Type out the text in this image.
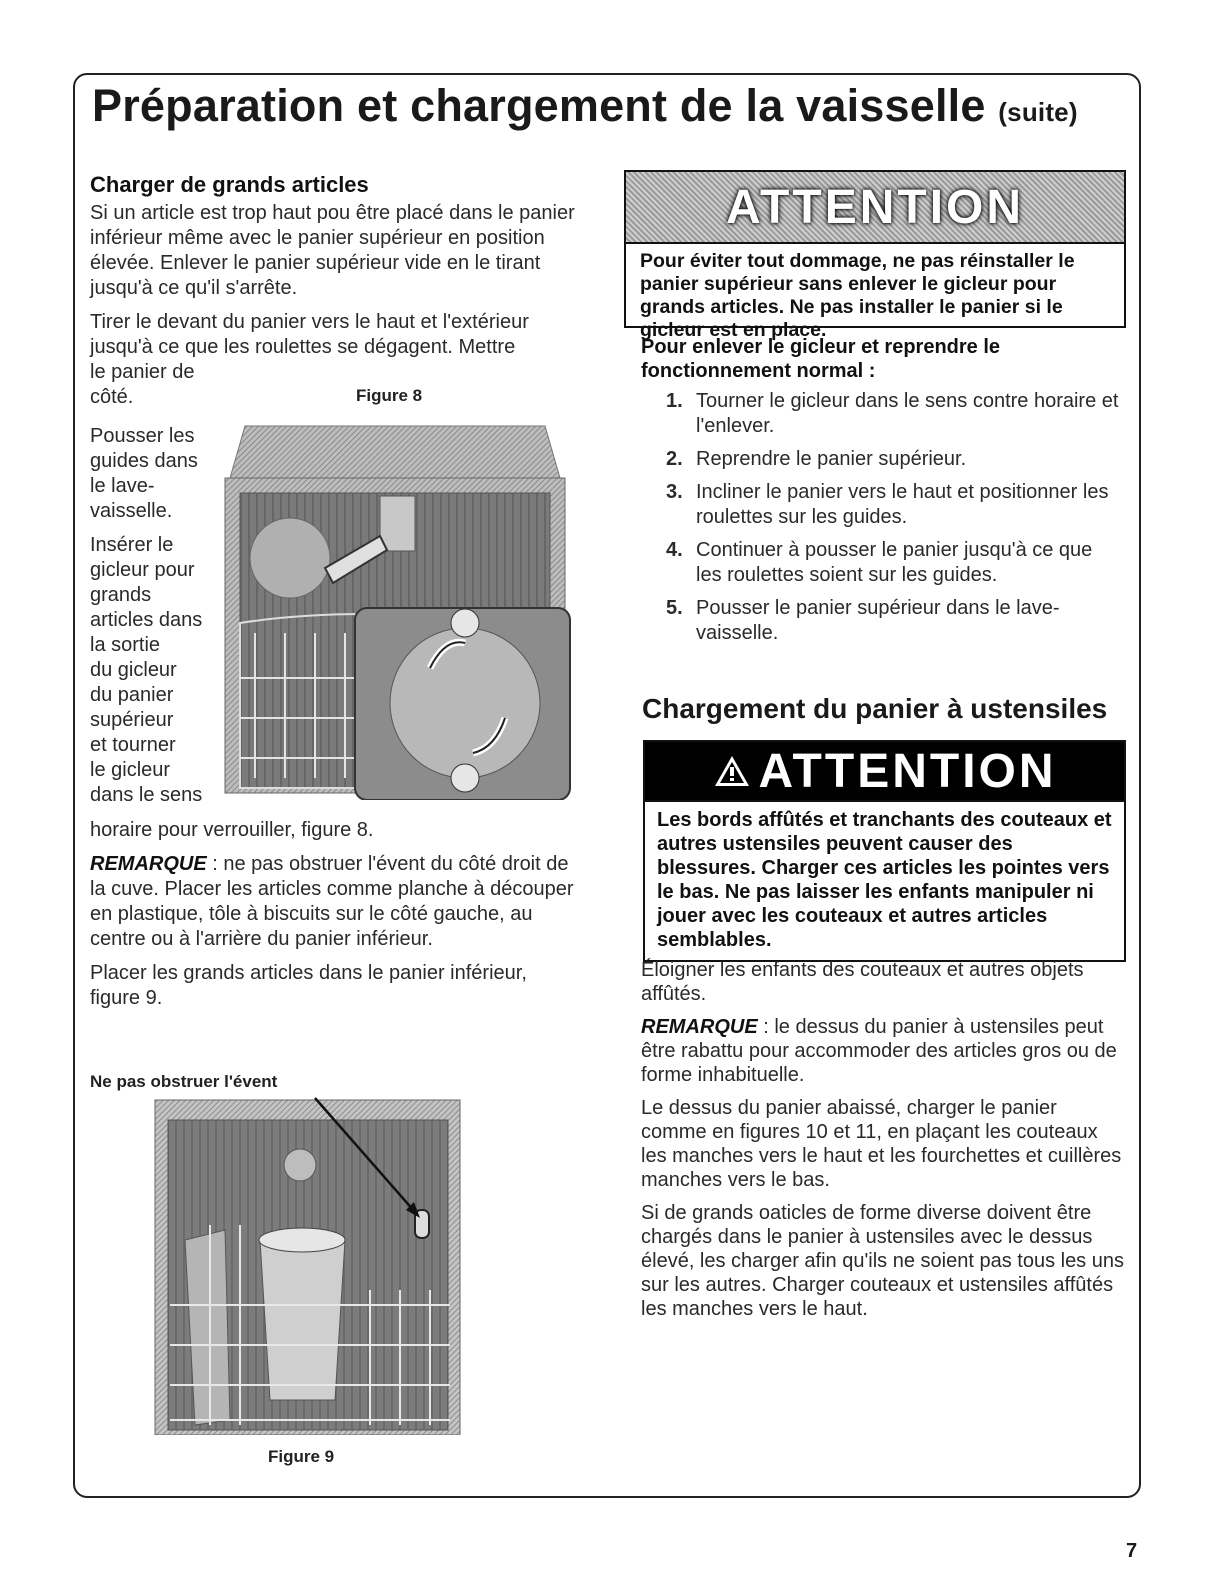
Préparation et chargement de la vaisselle (suite)
Charger de grands articles

Si un article est trop haut pou être placé dans le panier inférieur même avec le panier supérieur en position élevée. Enlever le panier supérieur vide en le tirant jusqu'à ce qu'il s'arrête.

Tirer le devant du panier vers le haut et l'extérieur jusqu'à ce que les roulettes se dégagent. Mettre

le panier de
côté.	Figure 8
Pousser les
guides dans
le lave-
vaisselle.
Insérer le
gicleur pour
grands
articles dans
la sortie
du gicleur
du panier
supérieur
et tourner
le gicleur
dans le sens

horaire pour verrouiller, figure 8.

REMARQUE : ne pas obstruer l'évent du côté droit de la cuve. Placer les articles comme planche à découper en plastique, tôle à biscuits sur le côté gauche, au centre ou à l'arrière du panier inférieur.

Placer les grands articles dans le panier inférieur, figure 9.

Ne pas obstruer l'évent
Figure 9
ATTENTION
Pour éviter tout dommage, ne pas réinstaller le panier supérieur sans enlever le gicleur pour grands articles. Ne pas installer le panier si le gicleur est en place.
Pour enlever le gicleur et reprendre le fonctionnement normal :
1. Tourner le gicleur dans le sens contre horaire et l'enlever.
2. Reprendre le panier supérieur.
3. Incliner le panier vers le haut et positionner les roulettes sur les guides.
4. Continuer à pousser le panier jusqu'à ce que les roulettes soient sur les guides.
5. Pousser le panier supérieur dans le lave-vaisselle.
Chargement du panier à ustensiles
ATTENTION
Les bords affûtés et tranchants des couteaux et autres ustensiles peuvent causer des blessures. Charger ces articles les pointes vers le bas. Ne pas laisser les enfants manipuler ni jouer avec les couteaux et autres articles semblables.

Éloigner les enfants des couteaux et autres objets affûtés.

REMARQUE : le dessus du panier à ustensiles peut être rabattu pour accommoder des articles gros ou de forme inhabituelle.

Le dessus du panier abaissé, charger le panier comme en figures 10 et 11, en plaçant les couteaux les manches vers le haut et les fourchettes et cuillères manches vers le bas.

Si de grands oaticles de forme diverse doivent être chargés dans le panier à ustensiles avec le dessus élevé, les charger afin qu'ils ne soient pas tous les uns sur les autres. Charger couteaux et ustensiles affûtés les manches vers le haut.

7
